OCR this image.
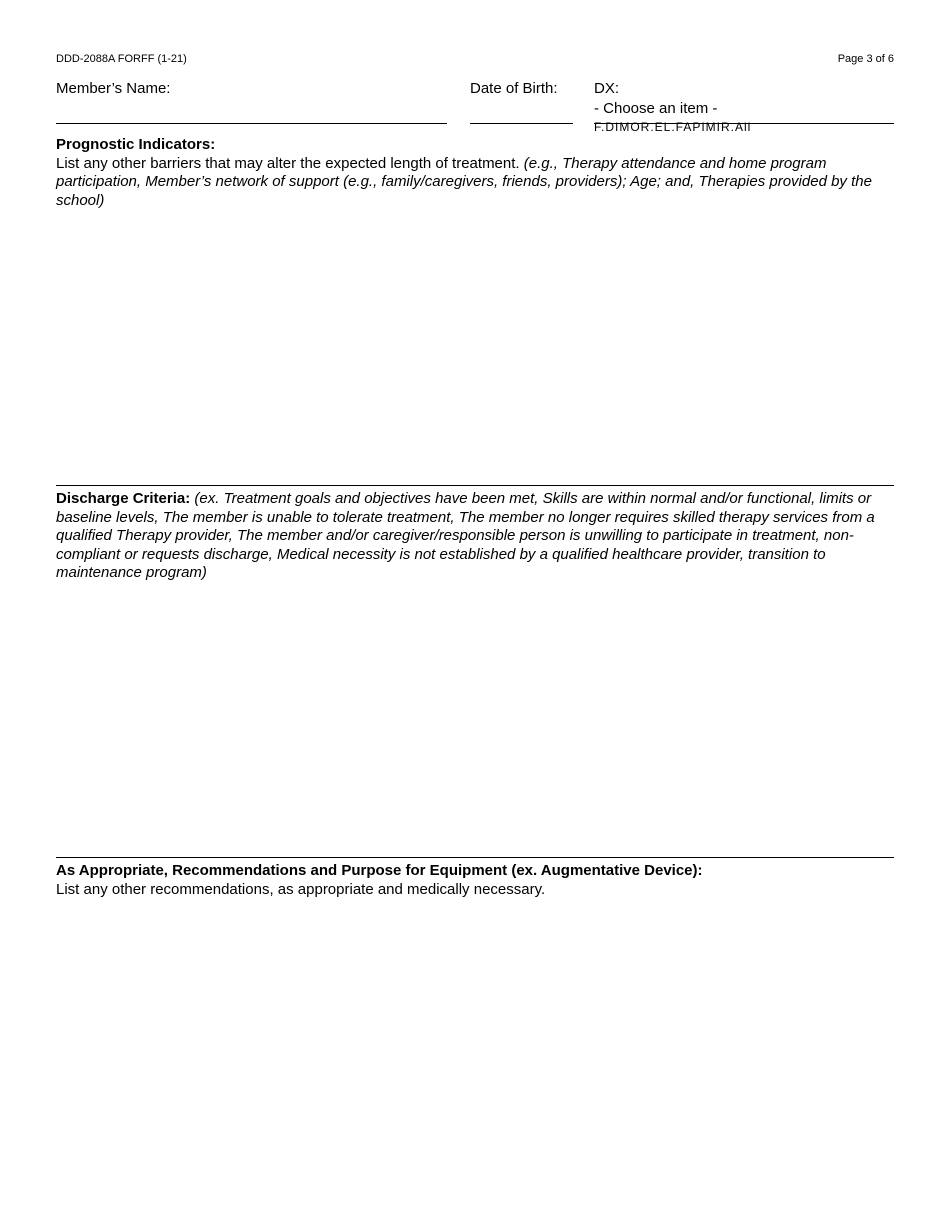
DDD-2088A FORFF (1-21)	Page 3 of 6
Member’s Name:	Date of Birth: DX:
- Choose an item -
F.DIMOR.EL.FAPIMIR.All
Prognostic Indicators:
List any other barriers that may alter the expected length of treatment. (e.g., Therapy attendance and home program participation, Member’s network of support (e.g., family/caregivers, friends, providers); Age; and, Therapies provided by the school)
Discharge Criteria: (ex. Treatment goals and objectives have been met, Skills are within normal and/or functional, limits or baseline levels, The member is unable to tolerate treatment, The member no longer requires skilled therapy services from a qualified Therapy provider, The member and/or caregiver/responsible person is unwilling to participate in treatment, non-compliant or requests discharge, Medical necessity is not established by a qualified healthcare provider, transition to maintenance program)
As Appropriate, Recommendations and Purpose for Equipment (ex. Augmentative Device):
List any other recommendations, as appropriate and medically necessary.
